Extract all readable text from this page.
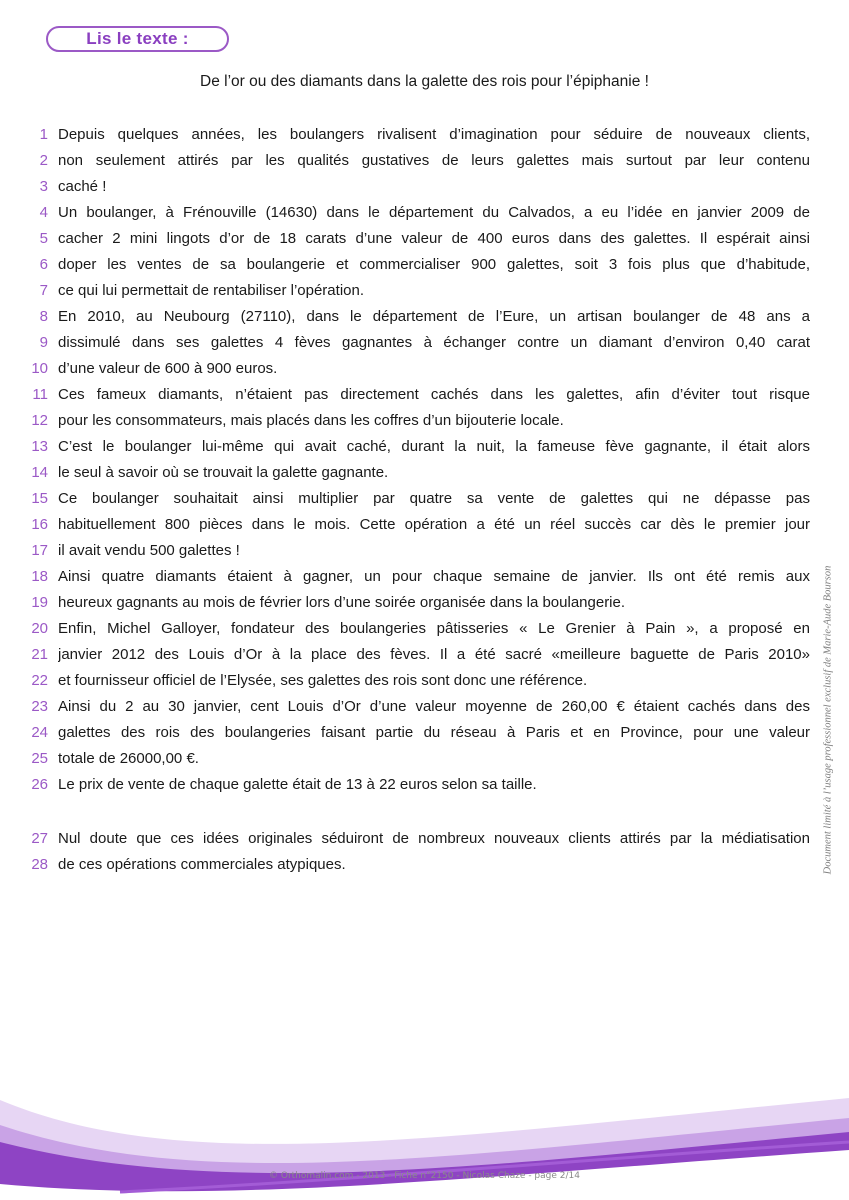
Lis le texte :
De l’or ou des diamants dans la galette des rois pour l’épiphanie !
1 Depuis quelques années, les boulangers rivalisent d’imagination pour séduire de nouveaux clients,
2 non seulement attirés par les qualités gustatives de leurs galettes mais surtout par leur contenu
3 caché !
4 Un boulanger, à Frénouville (14630) dans le département du Calvados, a eu l’idée en janvier 2009 de
5 cacher 2 mini lingots d’or de 18 carats d’une valeur de 400 euros dans des galettes. Il espérait ainsi
6 doper les ventes de sa boulangerie et commercialiser 900 galettes, soit 3 fois plus que d’habitude,
7 ce qui lui permettait de rentabiliser l’opération.
8 En 2010, au Neubourg (27110), dans le département de l’Eure, un artisan boulanger de 48 ans a
9 dissimulé dans ses galettes 4 fèves gagnantes à échanger contre un diamant d’environ 0,40 carat
10 d’une valeur de 600 à 900 euros.
11 Ces fameux diamants, n’étaient pas directement cachés dans les galettes, afin d’éviter tout risque
12 pour les consommateurs, mais placés dans les coffres d’un bijouterie locale.
13 C’est le boulanger lui-même qui avait caché, durant la nuit, la fameuse fève gagnante, il était alors
14 le seul à savoir où se trouvait la galette gagnante.
15 Ce boulanger souhaitait ainsi multiplier par quatre sa vente de galettes qui ne dépasse pas
16 habituellement 800 pièces dans le mois. Cette opération a été un réel succès car dès le premier jour
17 il avait vendu 500 galettes !
18 Ainsi quatre diamants étaient à gagner, un pour chaque semaine de janvier. Ils ont été remis aux
19 heureux gagnants au mois de février lors d’une soirée organisée dans la boulangerie.
20 Enfin, Michel Galloyer, fondateur des boulangeries pâtisseries « Le Grenier à Pain », a proposé en
21 janvier 2012 des Louis d’Or à la place des fèves. Il a été sacré «meilleure baguette de Paris 2010»
22 et fournisseur officiel de l’Elysée, ses galettes des rois sont donc une référence.
23 Ainsi du 2 au 30 janvier, cent Louis d’Or d’une valeur moyenne de 260,00 € étaient cachés dans des
24 galettes des rois des boulangeries faisant partie du réseau à Paris et en Province, pour une valeur
25 totale de 26000,00 €.
26 Le prix de vente de chaque galette était de 13 à 22 euros selon sa taille.
27 Nul doute que ces idées originales séduiront de nombreux nouveaux clients attirés par la médiatisation
28 de ces opérations commerciales atypiques.	Document limité à l’usage professionnel exclusif de Marie-Aude Bourson
© Orthomalin.com - 2013 - Fiche n°2150 - Nicolas Chaze - page 2/14
